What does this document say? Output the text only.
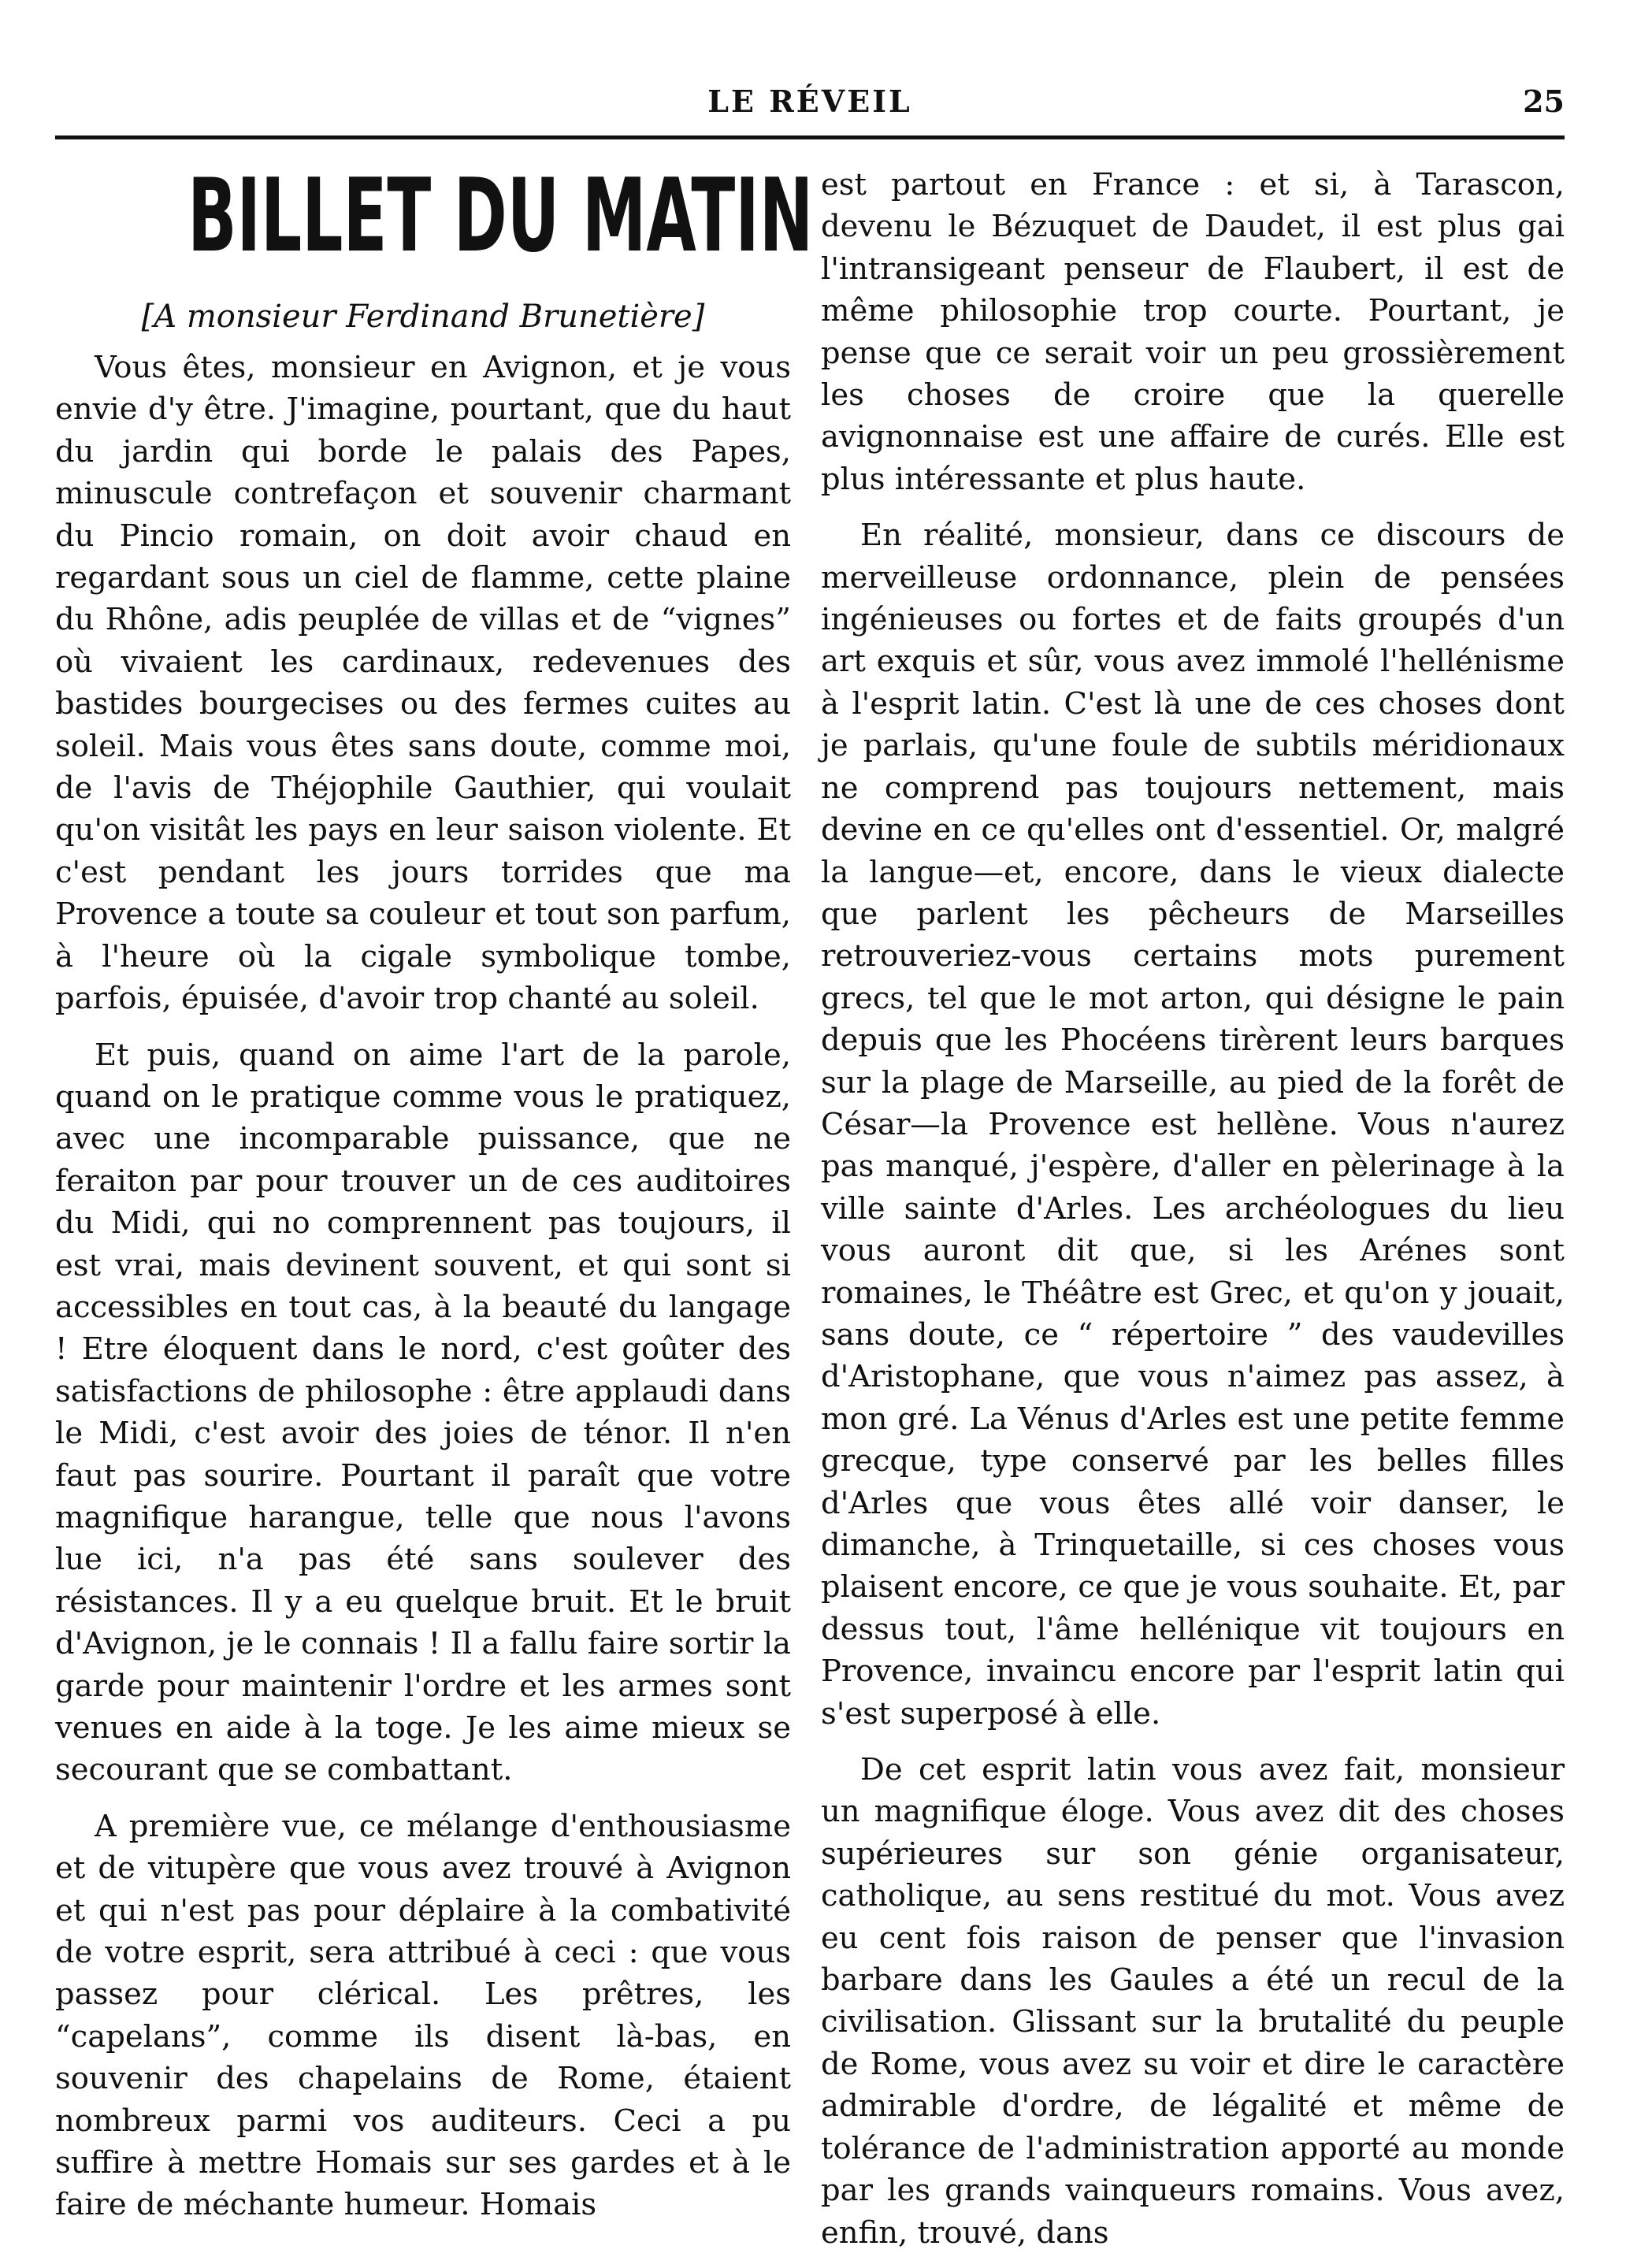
LE RÉVEIL	25
BILLET DU MATIN
[A monsieur Ferdinand Brunetière]

Vous êtes, monsieur en Avignon, et je vous envie d'y être. J'imagine, pourtant, que du haut du jardin qui borde le palais des Papes, minuscule contrefaçon et souvenir charmant du Pincio romain, on doit avoir chaud en regardant sous un ciel de flamme, cette plaine du Rhône, adis peuplée de villas et de “vignes” où vivaient les cardinaux, redevenues des bastides bourgecises ou des fermes cuites au soleil. Mais vous êtes sans doute, comme moi, de l'avis de Théjophile Gauthier, qui voulait qu'on visitât les pays en leur saison violente. Et c'est pendant les jours torrides que ma Provence a toute sa couleur et tout son parfum, à l'heure où la cigale symbolique tombe, parfois, épuisée, d'avoir trop chanté au soleil.

Et puis, quand on aime l'art de la parole, quand on le pratique comme vous le pratiquez, avec une incomparable puissance, que ne feraiton par pour trouver un de ces auditoires du Midi, qui no comprennent pas toujours, il est vrai, mais devinent souvent, et qui sont si accessibles en tout cas, à la beauté du langage ! Etre éloquent dans le nord, c'est goûter des satisfactions de philosophe : être applaudi dans le Midi, c'est avoir des joies de ténor. Il n'en faut pas sourire. Pourtant il paraît que votre magnifique harangue, telle que nous l'avons lue ici, n'a pas été sans soulever des résistances. Il y a eu quelque bruit. Et le bruit d'Avignon, je le connais ! Il a fallu faire sortir la garde pour maintenir l'ordre et les armes sont venues en aide à la toge. Je les aime mieux se secourant que se combattant.

A première vue, ce mélange d'enthousiasme et de vitupère que vous avez trouvé à Avignon et qui n'est pas pour déplaire à la combativité de votre esprit, sera attribué à ceci : que vous passez pour clérical. Les prêtres, les “capelans”, comme ils disent là-bas, en souvenir des chapelains de Rome, étaient nombreux parmi vos auditeurs. Ceci a pu suffire à mettre Homais sur ses gardes et à le faire de méchante humeur. Homais

est partout en France : et si, à Tarascon, devenu le Bézuquet de Daudet, il est plus gai l'intransigeant penseur de Flaubert, il est de même philosophie trop courte. Pourtant, je pense que ce serait voir un peu grossièrement les choses de croire que la querelle avignonnaise est une affaire de curés. Elle est plus intéressante et plus haute.

En réalité, monsieur, dans ce discours de merveilleuse ordonnance, plein de pensées ingénieuses ou fortes et de faits groupés d'un art exquis et sûr, vous avez immolé l'hellénisme à l'esprit latin. C'est là une de ces choses dont je parlais, qu'une foule de subtils méridionaux ne comprend pas toujours nettement, mais devine en ce qu'elles ont d'essentiel. Or, malgré la langue—et, encore, dans le vieux dialecte que parlent les pêcheurs de Marseilles retrouveriez-vous certains mots purement grecs, tel que le mot arton, qui désigne le pain depuis que les Phocéens tirèrent leurs barques sur la plage de Marseille, au pied de la forêt de César—la Provence est hellène. Vous n'aurez pas manqué, j'espère, d'aller en pèlerinage à la ville sainte d'Arles. Les archéologues du lieu vous auront dit que, si les Arénes sont romaines, le Théâtre est Grec, et qu'on y jouait, sans doute, ce “ répertoire ” des vaudevilles d'Aristophane, que vous n'aimez pas assez, à mon gré. La Vénus d'Arles est une petite femme grecque, type conservé par les belles filles d'Arles que vous êtes allé voir danser, le dimanche, à Trinquetaille, si ces choses vous plaisent encore, ce que je vous souhaite. Et, par dessus tout, l'âme hellénique vit toujours en Provence, invaincu encore par l'esprit latin qui s'est superposé à elle.

De cet esprit latin vous avez fait, monsieur un magnifique éloge. Vous avez dit des choses supérieures sur son génie organisateur, catholique, au sens restitué du mot. Vous avez eu cent fois raison de penser que l'invasion barbare dans les Gaules a été un recul de la civilisation. Glissant sur la brutalité du peuple de Rome, vous avez su voir et dire le caractère admirable d'ordre, de légalité et même de tolérance de l'administration apporté au monde par les grands vainqueurs romains. Vous avez, enfin, trouvé, dans
